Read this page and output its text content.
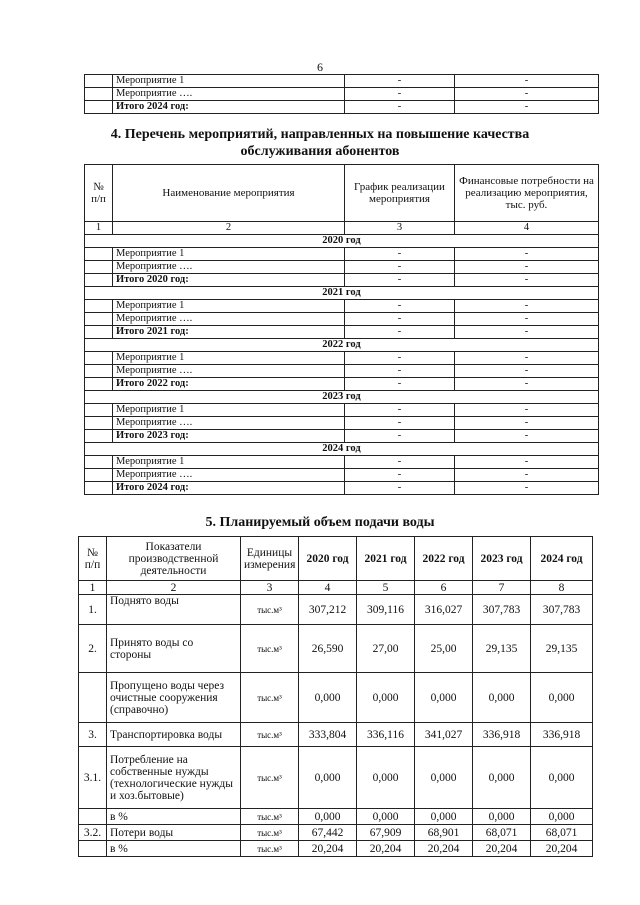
6
	Мероприятие 1	-	-
	Мероприятие ….	-	-
	Итого 2024 год:	-	-
4. Перечень мероприятий, направленных на повышение качества
обслуживания абонентов
№ п/п	Наименование мероприятия	График реализации мероприятия	Финансовые потребности на реализацию мероприятия, тыс. руб.
1	2	3	4
2020 год			
	Мероприятие 1	-	-
	Мероприятие ….	-	-
	Итого 2020 год:	-	-
2021 год			
	Мероприятие 1	-	-
	Мероприятие ….	-	-
	Итого 2021 год:	-	-
2022 год			
	Мероприятие 1	-	-
	Мероприятие ….	-	-
	Итого 2022 год:	-	-
2023 год			
	Мероприятие 1	-	-
	Мероприятие ….	-	-
	Итого 2023 год:	-	-
2024 год			
	Мероприятие 1	-	-
	Мероприятие ….	-	-
	Итого 2024 год:	-	-
5. Планируемый объем подачи воды
№ п/п	Показатели производственной деятельности	Единицы измерения	2020 год	2021 год	2022 год	2023 год	2024 год
1	2	3	4	5	6	7	8
1.	Поднято воды	тыс.м³	307,212	309,116	316,027	307,783	307,783
2.	Принято воды со стороны	тыс.м³	26,590	27,00	25,00	29,135	29,135
	Пропущено воды через очистные сооружения (справочно)	тыс.м³	0,000	0,000	0,000	0,000	0,000
3.	Транспортировка воды	тыс.м³	333,804	336,116	341,027	336,918	336,918
3.1.	Потребление на собственные нужды (технологические нужды и хоз.бытовые)	тыс.м³	0,000	0,000	0,000	0,000	0,000
	в %	тыс.м³	0,000	0,000	0,000	0,000	0,000
3.2.	Потери воды	тыс.м³	67,442	67,909	68,901	68,071	68,071
	в %	тыс.м³	20,204	20,204	20,204	20,204	20,204
